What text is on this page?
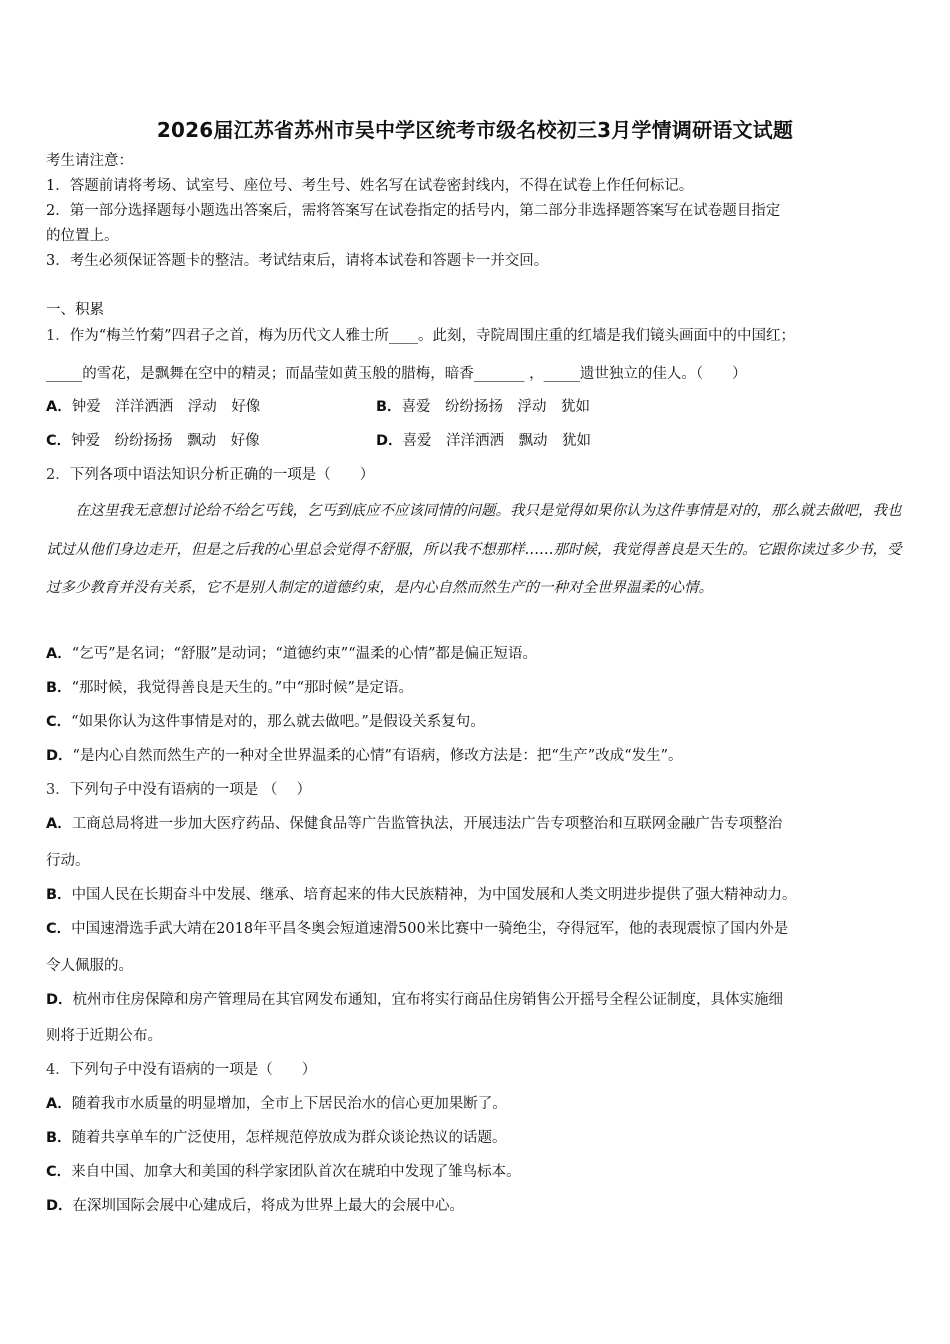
2026届江苏省苏州市吴中学区统考市级名校初三3月学情调研语文试题
考生请注意：
1．答题前请将考场、试室号、座位号、考生号、姓名写在试卷密封线内，不得在试卷上作任何标记。
2．第一部分选择题每小题选出答案后，需将答案写在试卷指定的括号内，第二部分非选择题答案写在试卷题目指定
的位置上。
3．考生必须保证答题卡的整洁。考试结束后，请将本试卷和答题卡一并交回。
一、积累
1．作为“梅兰竹菊”四君子之首，梅为历代文人雅士所____。此刻，寺院周围庄重的红墙是我们镜头画面中的中国红；
_____的雪花，是飘舞在空中的精灵；而晶莹如黄玉般的腊梅，暗香_______ ，_____遗世独立的佳人。（　　）
A．钟爱　洋洋洒洒　浮动　好像	B．喜爱　纷纷扬扬　浮动　犹如
C．钟爱　纷纷扬扬　飘动　好像	D．喜爱　洋洋洒洒　飘动　犹如
2．下列各项中语法知识分析正确的一项是（　　）

在这里我无意想讨论给不给乞丐钱，乞丐到底应不应该同情的问题。我只是觉得如果你认为这件事情是对的，那么就去做吧，我也试过从他们身边走开，但是之后我的心里总会觉得不舒服，所以我不想那样……那时候，我觉得善良是天生的。它跟你读过多少书，受过多少教育并没有关系，它不是别人制定的道德约束，是内心自然而然生产的一种对全世界温柔的心情。

A．“乞丐”是名词；“舒服”是动词；“道德约束”“温柔的心情”都是偏正短语。
B．“那时候，我觉得善良是天生的。”中“那时候”是定语。
C．“如果你认为这件事情是对的，那么就去做吧。”是假设关系复句。
D．“是内心自然而然生产的一种对全世界温柔的心情”有语病，修改方法是：把“生产”改成“发生”。
3．下列句子中没有语病的一项是 （　 ）
A．工商总局将进一步加大医疗药品、保健食品等广告监管执法，开展违法广告专项整治和互联网金融广告专项整治
行动。
B．中国人民在长期奋斗中发展、继承、培育起来的伟大民族精神，为中国发展和人类文明进步提供了强大精神动力。
C．中国速滑选手武大靖在2018年平昌冬奥会短道速滑500米比赛中一骑绝尘，夺得冠军，他的表现震惊了国内外是
令人佩服的。
D．杭州市住房保障和房产管理局在其官网发布通知，宜布将实行商品住房销售公开摇号全程公证制度，具体实施细
则将于近期公布。
4．下列句子中没有语病的一项是（　　）
A．随着我市水质量的明显增加，全市上下居民治水的信心更加果断了。
B．随着共享单车的广泛使用，怎样规范停放成为群众谈论热议的话题。
C．来自中国、加拿大和美国的科学家团队首次在琥珀中发现了雏鸟标本。
D．在深圳国际会展中心建成后，将成为世界上最大的会展中心。
